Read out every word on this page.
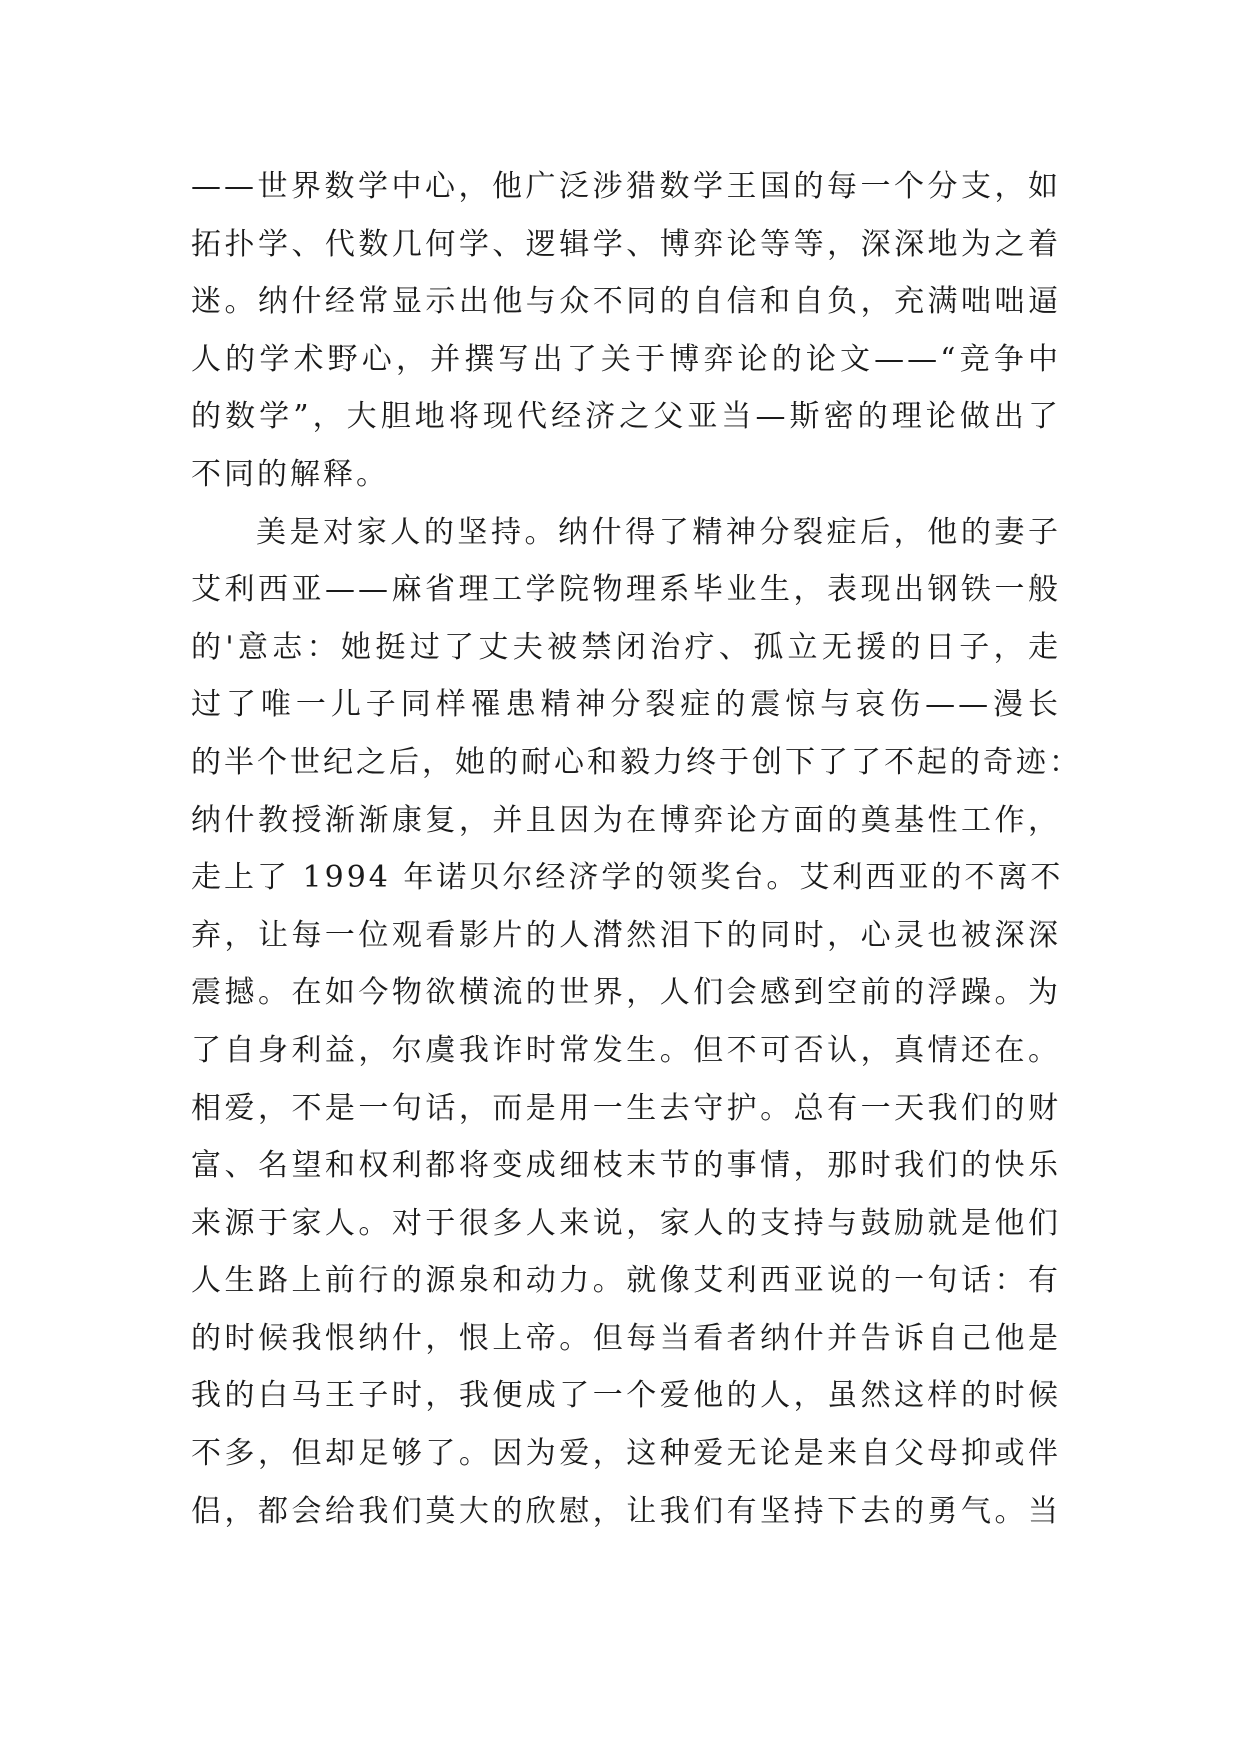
——世界数学中心，他广泛涉猎数学王国的每一个分支，如
拓扑学、代数几何学、逻辑学、博弈论等等，深深地为之着
迷。纳什经常显示出他与众不同的自信和自负，充满咄咄逼
人的学术野心，并撰写出了关于博弈论的论文——“竞争中
的数学”，大胆地将现代经济之父亚当—斯密的理论做出了
不同的解释。
美是对家人的坚持。纳什得了精神分裂症后，他的妻子
艾利西亚——麻省理工学院物理系毕业生，表现出钢铁一般
的'意志：她挺过了丈夫被禁闭治疗、孤立无援的日子，走
过了唯一儿子同样罹患精神分裂症的震惊与哀伤——漫长
的半个世纪之后，她的耐心和毅力终于创下了了不起的奇迹：
纳什教授渐渐康复，并且因为在博弈论方面的奠基性工作，
走上了 1994 年诺贝尔经济学的领奖台。艾利西亚的不离不
弃，让每一位观看影片的人潸然泪下的同时，心灵也被深深
震撼。在如今物欲横流的世界，人们会感到空前的浮躁。为
了自身利益，尔虞我诈时常发生。但不可否认，真情还在。
相爱，不是一句话，而是用一生去守护。总有一天我们的财
富、名望和权利都将变成细枝末节的事情，那时我们的快乐
来源于家人。对于很多人来说，家人的支持与鼓励就是他们
人生路上前行的源泉和动力。就像艾利西亚说的一句话：有
的时候我恨纳什，恨上帝。但每当看者纳什并告诉自己他是
我的白马王子时，我便成了一个爱他的人，虽然这样的时候
不多，但却足够了。因为爱，这种爱无论是来自父母抑或伴
侣，都会给我们莫大的欣慰，让我们有坚持下去的勇气。当
